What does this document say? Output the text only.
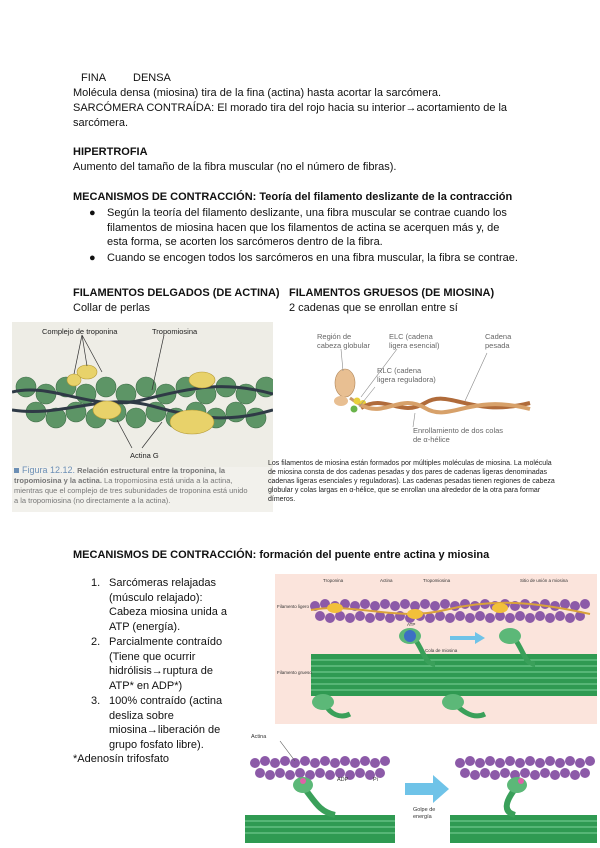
FINA DENSA
Molécula densa (miosina) tira de la fina (actina) hasta acortar la sarcómera.
SARCÓMERA CONTRAÍDA: El morado tira del rojo hacia su interior→acortamiento de la
sarcómera.
HIPERTROFIA
Aumento del tamaño de la fibra muscular (no el número de fibras).
MECANISMOS DE CONTRACCIÓN: Teoría del filamento deslizante de la contracción
● Según la teoría del filamento deslizante, una fibra muscular se contrae cuando los
filamentos de miosina hacen que los filamentos de actina se acerquen más y, de
esta forma, se acorten los sarcómeros dentro de la fibra.
● Cuando se encogen todos los sarcómeros en una fibra muscular, la fibra se contrae.
FILAMENTOS DELGADOS (DE ACTINA)
Collar de perlas
FILAMENTOS GRUESOS (DE MIOSINA)
2 cadenas que se enrollan entre sí
Complejo de troponina	Tropomiosina
Actina G
Figura 12.12. Relación estructural entre la troponina, la
tropomiosina y la actina. La tropomiosina está unida a la actina,
mientras que el complejo de tres subunidades de troponina está unido
a la tropomiosina (no directamente a la actina).
Región de
cabeza globular
ELC (cadena
ligera esencial)
Cadena
pesada
RLC (cadena
ligera reguladora)
Enrollamiento de dos colas
de α-hélice
Los filamentos de miosina están formados por múltiples moléculas de miosina. La molécula
de miosina consta de dos cadenas pesadas y dos pares de cadenas ligeras denominadas
cadenas ligeras esenciales y reguladoras). Las cadenas pesadas tienen regiones de cabeza
globular y colas largas en α-hélice, que se enrollan una alrededor de la otra para formar
dímeros.
MECANISMOS DE CONTRACCIÓN: formación del puente entre actina y miosina
1. Sarcómeras relajadas
(músculo relajado):
Cabeza miosina unida a
ATP (energía).
2. Parcialmente contraído
(Tiene que ocurrir
hidrólisis→ruptura de
ATP* en ADP*)
3. 100% contraído (actina
desliza sobre
miosina→liberación de
grupo fosfato libre).
*Adenosín trifosfato
Troponina	Actina	Tropomiosina	Sitio de unión a miosina
Filamento ligero
Filamento grueso
ATP
Cola de miosina
Actina
ADP	Pi
Golpe de
energía
